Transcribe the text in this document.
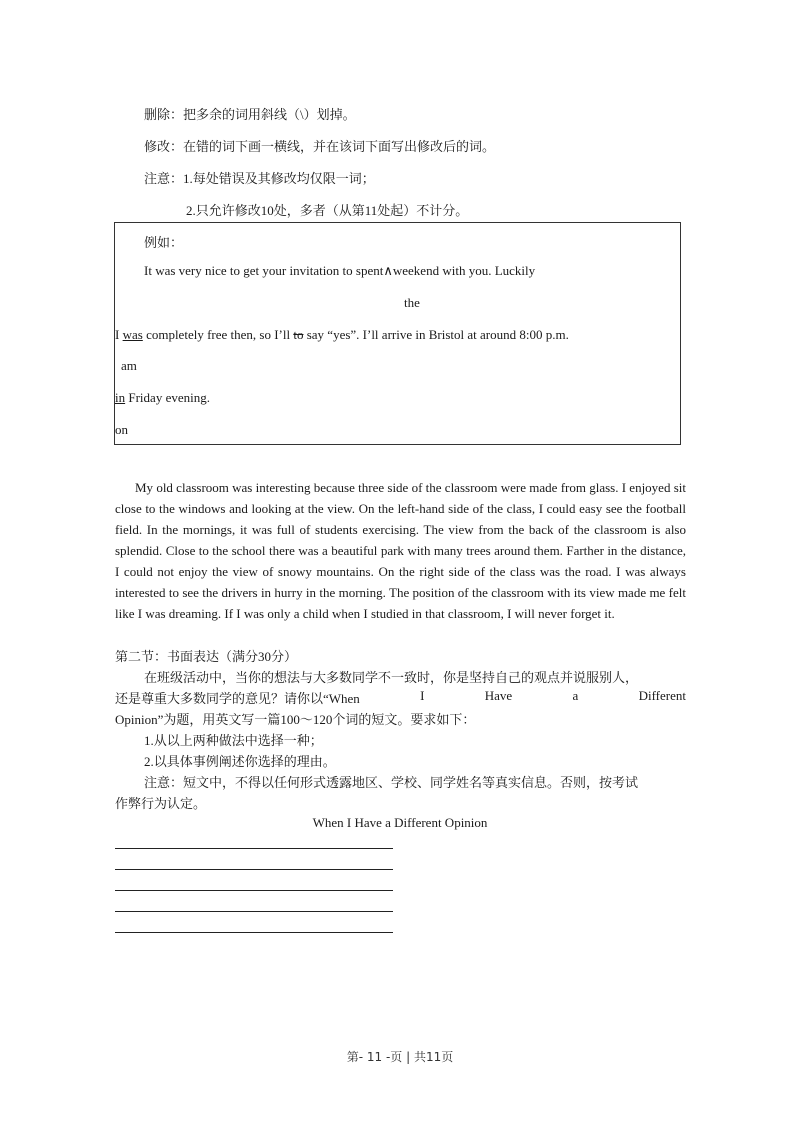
删除：把多余的词用斜线（\）划掉。
修改：在错的词下画一横线，并在该词下面写出修改后的词。
注意：1.每处错误及其修改均仅限一词；
2.只允许修改10处，多者（从第11处起）不计分。
例如：
It was very nice to get your invitation to spent∧weekend with you. Luckily
the
I was completely free then, so I’ll to say “yes”. I’ll arrive in Bristol at around 8:00 p.m.
am
in Friday evening.
on
My old classroom was interesting because three side of the classroom were made from glass. I enjoyed sit close to the windows and looking at the view. On the left-hand side of the class, I could easy see the football field. In the mornings, it was full of students exercising. The view from the back of the classroom is also splendid. Close to the school there was a beautiful park with many trees around them. Farther in the distance, I could not enjoy the view of snowy mountains. On the right side of the class was the road. I was always interested to see the drivers in hurry in the morning. The position of the classroom with its view made me felt like I was dreaming. If I was only a child when I studied in that classroom, I will never forget it.
第二节：书面表达（满分30分）
在班级活动中，当你的想法与大多数同学不一致时，你是坚持自己的观点并说服别人，
还是尊重大多数同学的意见？请你以“When	I	Have	a	Different
Opinion”为题，用英文写一篇100～120个词的短文。要求如下：
1.从以上两种做法中选择一种；
2.以具体事例阐述你选择的理由。
注意：短文中，不得以任何形式透露地区、学校、同学姓名等真实信息。否则，按考试
作弊行为认定。
When I Have a Different Opinion
第- 11 -页 | 共11页
